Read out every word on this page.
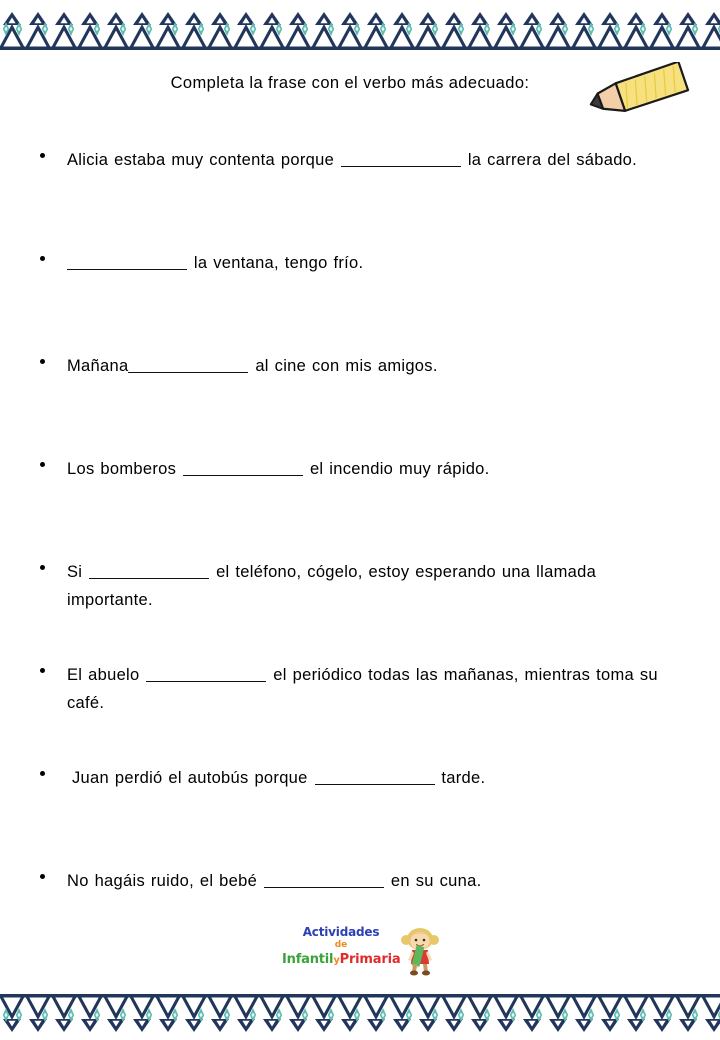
Completa la frase con el verbo más adecuado:
Alicia estaba muy contenta porque	la carrera del sábado.
la ventana, tengo frío.
Mañana	al cine con mis amigos.
Los bomberos	el incendio muy rápido.
Si	el teléfono, cógelo, estoy esperando una llamada importante.
El abuelo	el periódico todas las mañanas, mientras toma su café.
Juan perdió el autobús porque	tarde.
No hagáis ruido, el bebé	en su cuna.
Actividades
de
InfantilyPrimaria
